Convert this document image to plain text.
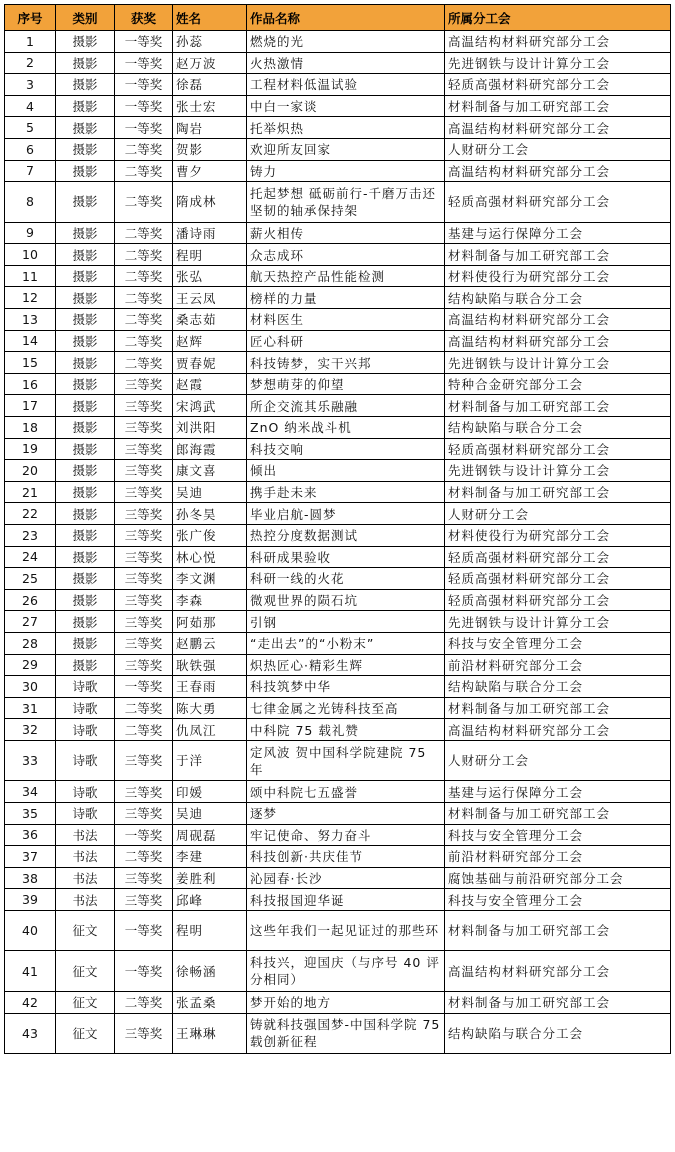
序号	类别	获奖	姓名	作品名称	所属分工会
1	摄影	一等奖	孙蕊	燃烧的光	高温结构材料研究部分工会
2	摄影	一等奖	赵万波	火热激情	先进钢铁与设计计算分工会
3	摄影	一等奖	徐磊	工程材料低温试验	轻质高强材料研究部分工会
4	摄影	一等奖	张士宏	中白一家谈	材料制备与加工研究部工会
5	摄影	一等奖	陶岩	托举炽热	高温结构材料研究部分工会
6	摄影	二等奖	贺影	欢迎所友回家	人财研分工会
7	摄影	二等奖	曹夕	铸力	高温结构材料研究部分工会
8	摄影	二等奖	隋成林	托起梦想 砥砺前行-千磨万击还坚韧的轴承保持架	轻质高强材料研究部分工会
9	摄影	二等奖	潘诗雨	薪火相传	基建与运行保障分工会
10	摄影	二等奖	程明	众志成环	材料制备与加工研究部工会
11	摄影	二等奖	张弘	航天热控产品性能检测	材料使役行为研究部分工会
12	摄影	二等奖	王云凤	榜样的力量	结构缺陷与联合分工会
13	摄影	二等奖	桑志茹	材料医生	高温结构材料研究部分工会
14	摄影	二等奖	赵辉	匠心科研	高温结构材料研究部分工会
15	摄影	二等奖	贾春妮	科技铸梦，实干兴邦	先进钢铁与设计计算分工会
16	摄影	三等奖	赵霞	梦想萌芽的仰望	特种合金研究部分工会
17	摄影	三等奖	宋鸿武	所企交流其乐融融	材料制备与加工研究部工会
18	摄影	三等奖	刘洪阳	ZnO 纳米战斗机	结构缺陷与联合分工会
19	摄影	三等奖	郎海霞	科技交响	轻质高强材料研究部分工会
20	摄影	三等奖	康文喜	倾出	先进钢铁与设计计算分工会
21	摄影	三等奖	吴迪	携手赴未来	材料制备与加工研究部工会
22	摄影	三等奖	孙冬昊	毕业启航-圆梦	人财研分工会
23	摄影	三等奖	张广俊	热控分度数据测试	材料使役行为研究部分工会
24	摄影	三等奖	林心悦	科研成果验收	轻质高强材料研究部分工会
25	摄影	三等奖	李文渊	科研一线的火花	轻质高强材料研究部分工会
26	摄影	三等奖	李森	微观世界的陨石坑	轻质高强材料研究部分工会
27	摄影	三等奖	阿茹那	引钢	先进钢铁与设计计算分工会
28	摄影	三等奖	赵鹏云	“走出去”的“小粉末”	科技与安全管理分工会
29	摄影	三等奖	耿铁强	炽热匠心·精彩生辉	前沿材料研究部分工会
30	诗歌	一等奖	王春雨	科技筑梦中华	结构缺陷与联合分工会
31	诗歌	二等奖	陈大勇	七律金属之光铸科技至高	材料制备与加工研究部工会
32	诗歌	二等奖	仇凤江	中科院 75 载礼赞	高温结构材料研究部分工会
33	诗歌	三等奖	于洋	定风波 贺中国科学院建院 75 年	人财研分工会
34	诗歌	三等奖	印媛	颂中科院七五盛誉	基建与运行保障分工会
35	诗歌	三等奖	吴迪	逐梦	材料制备与加工研究部工会
36	书法	一等奖	周砚磊	牢记使命、努力奋斗	科技与安全管理分工会
37	书法	二等奖	李建	科技创新·共庆佳节	前沿材料研究部分工会
38	书法	三等奖	姜胜利	沁园春·长沙	腐蚀基础与前沿研究部分工会
39	书法	三等奖	邱峰	科技报国迎华诞	科技与安全管理分工会
40	征文	一等奖	程明	这些年我们一起见证过的那些环	材料制备与加工研究部工会
41	征文	一等奖	徐畅涵	科技兴，迎国庆（与序号 40 评分相同）	高温结构材料研究部分工会
42	征文	二等奖	张孟桑	梦开始的地方	材料制备与加工研究部工会
43	征文	三等奖	王琳琳	铸就科技强国梦-中国科学院 75 载创新征程	结构缺陷与联合分工会
